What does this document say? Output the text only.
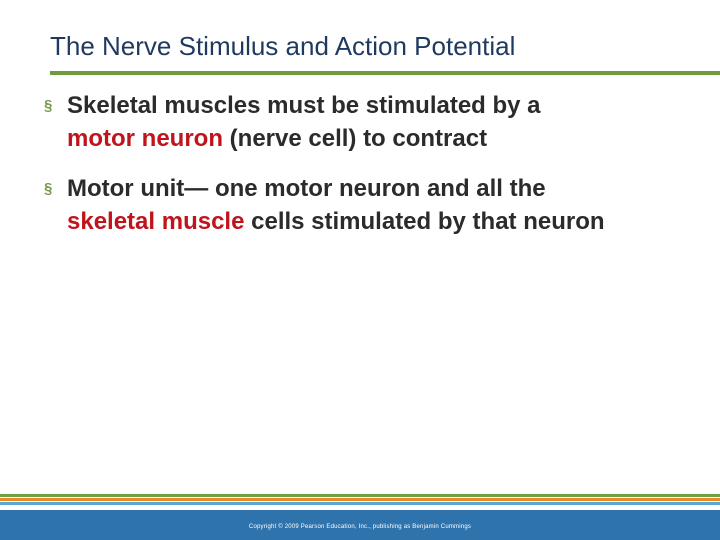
The Nerve Stimulus and Action Potential
§ Skeletal muscles must be stimulated by a
motor neuron (nerve cell) to contract
§ Motor unit— one motor neuron and all the
skeletal muscle cells stimulated by that neuron
Copyright © 2009 Pearson Education, Inc., publishing as Benjamin Cummings
